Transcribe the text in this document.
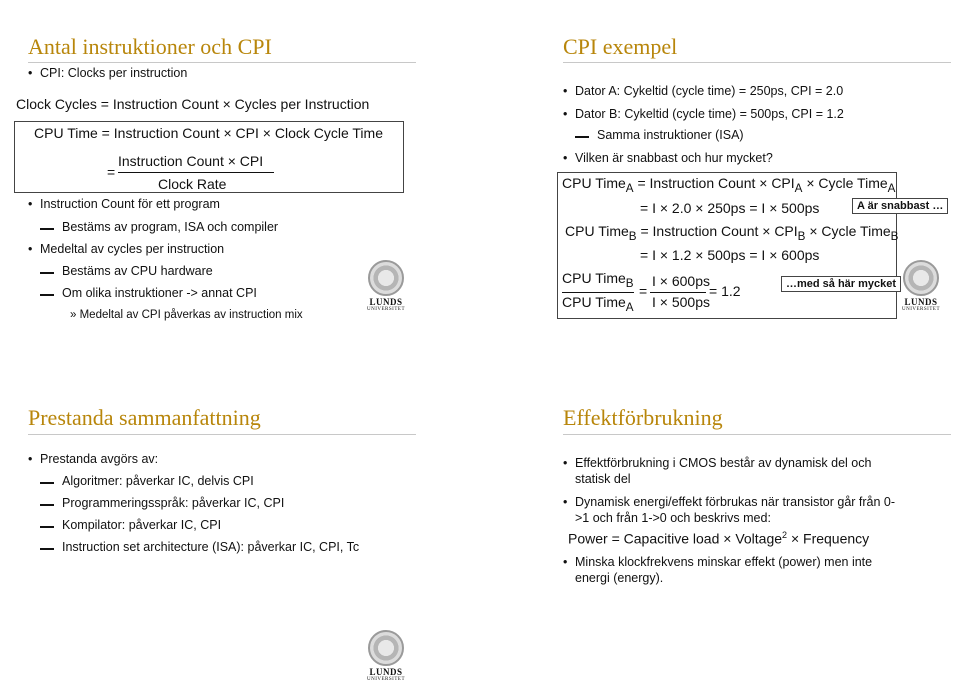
Antal instruktioner och CPI
• CPI: Clocks per instruction
Clock Cycles = Instruction Count × Cycles per Instruction
CPU Time = Instruction Count × CPI × Clock Cycle Time
=
Instruction Count × CPI
Clock Rate
• Instruction Count för ett program
Bestäms av program, ISA och compiler
• Medeltal av cycles per instruction
Bestäms av CPU hardware
Om olika instruktioner -> annat CPI
» Medeltal av CPI påverkas av instruction mix
LUNDS
UNIVERSITET
CPI exempel
• Dator A: Cykeltid (cycle time) = 250ps, CPI = 2.0
• Dator B: Cykeltid (cycle time) = 500ps, CPI = 1.2
Samma instruktioner (ISA)
• Vilken är snabbast och hur mycket?
CPU Time$_A$ = Instruction Count × $CPI_A$ × Cycle Time$_A$
= I × 2.0 × 250ps = I × 500ps
CPU Time$_B$ = Instruction Count × $CPI_B$ × Cycle Time$_B$
= I × 1.2 × 500ps = I × 600ps
CPU Time$_B$
CPU Time$_A$
=
I × 600ps
I × 500ps
= 1.2
A är snabbast …
…med så här mycket
LUNDS
UNIVERSITET
Prestanda sammanfattning
• Prestanda avgörs av:
Algoritmer: påverkar IC, delvis CPI
Programmeringsspråk: påverkar IC, CPI
Kompilator: påverkar IC, CPI
Instruction set architecture (ISA): påverkar IC, CPI, Tc
Effektförbrukning
• Effektförbrukning i CMOS består av dynamisk del och
statisk del
• Dynamisk energi/effekt förbrukas när transistor går från 0-
>1 och från 1->0 och beskrivs med:
Power = Capacitive load × Voltage$^2$ × Frequency
• Minska klockfrekvens minskar effekt (power) men inte
energi (energy).
LUNDS
UNIVERSITET
